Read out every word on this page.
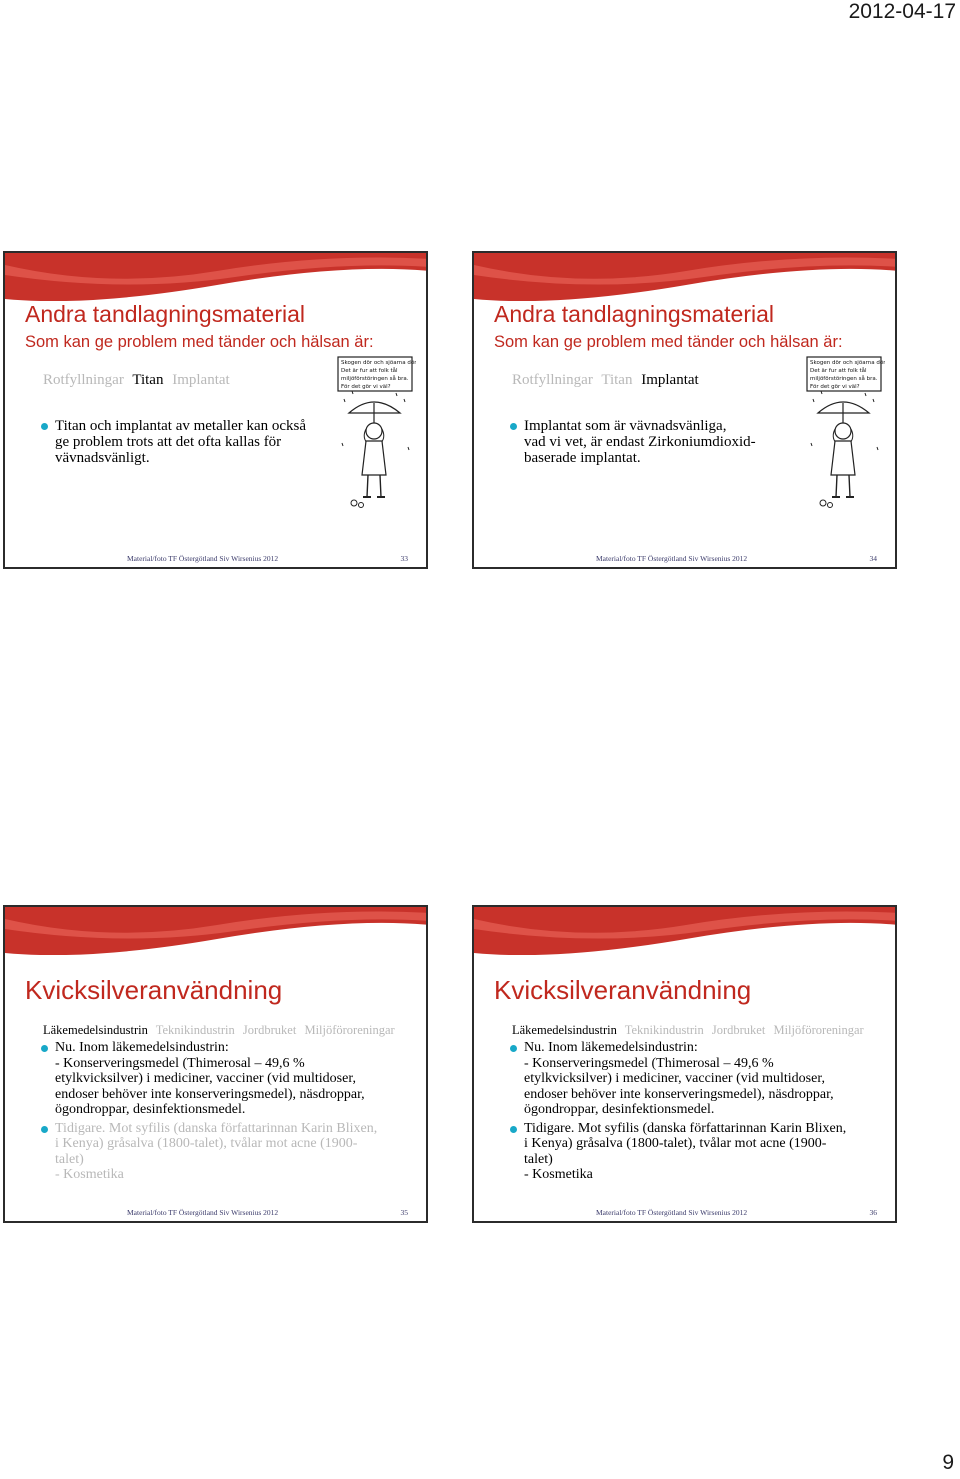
2012-04-17
Andra tandlagningsmaterial
Som kan ge problem med tänder och hälsan är:
Rotfyllningar Titan Implantat
Titan och implantat av metaller kan också
ge problem trots att det ofta kallas för
vävnadsvänligt.
Skogen dör och sjöarna dör
Det är fur att folk tål
miljöförstöringen så bra.
För det gör vi väl?
Material/foto TF Östergötland Siv Wirsenius 2012	33
Andra tandlagningsmaterial
Som kan ge problem med tänder och hälsan är:
Rotfyllningar Titan Implantat
Implantat som är vävnadsvänliga,
vad vi vet, är endast Zirkoniumdioxid-
baserade implantat.
Skogen dör och sjöarna dör
Det är fur att folk tål
miljöförstöringen så bra.
För det gör vi väl?
Material/foto TF Östergötland Siv Wirsenius 2012	34
Kvicksilveranvändning
Läkemedelsindustrin Teknikindustrin Jordbruket Miljöföroreningar
Nu. Inom läkemedelsindustrin:
- Konserveringsmedel (Thimerosal – 49,6 %
etylkvicksilver) i mediciner, vacciner (vid multidoser,
endoser behöver inte konserveringsmedel), näsdroppar,
ögondroppar, desinfektionsmedel.
Tidigare. Mot syfilis (danska författarinnan Karin Blixen,
i Kenya) gråsalva (1800-talet), tvålar mot acne (1900-
talet)
- Kosmetika
Material/foto TF Östergötland Siv Wirsenius 2012	35
Kvicksilveranvändning
Läkemedelsindustrin Teknikindustrin Jordbruket Miljöföroreningar
Nu. Inom läkemedelsindustrin:
- Konserveringsmedel (Thimerosal – 49,6 %
etylkvicksilver) i mediciner, vacciner (vid multidoser,
endoser behöver inte konserveringsmedel), näsdroppar,
ögondroppar, desinfektionsmedel.
Tidigare. Mot syfilis (danska författarinnan Karin Blixen,
i Kenya) gråsalva (1800-talet), tvålar mot acne (1900-
talet)
- Kosmetika
Material/foto TF Östergötland Siv Wirsenius 2012	36
9
